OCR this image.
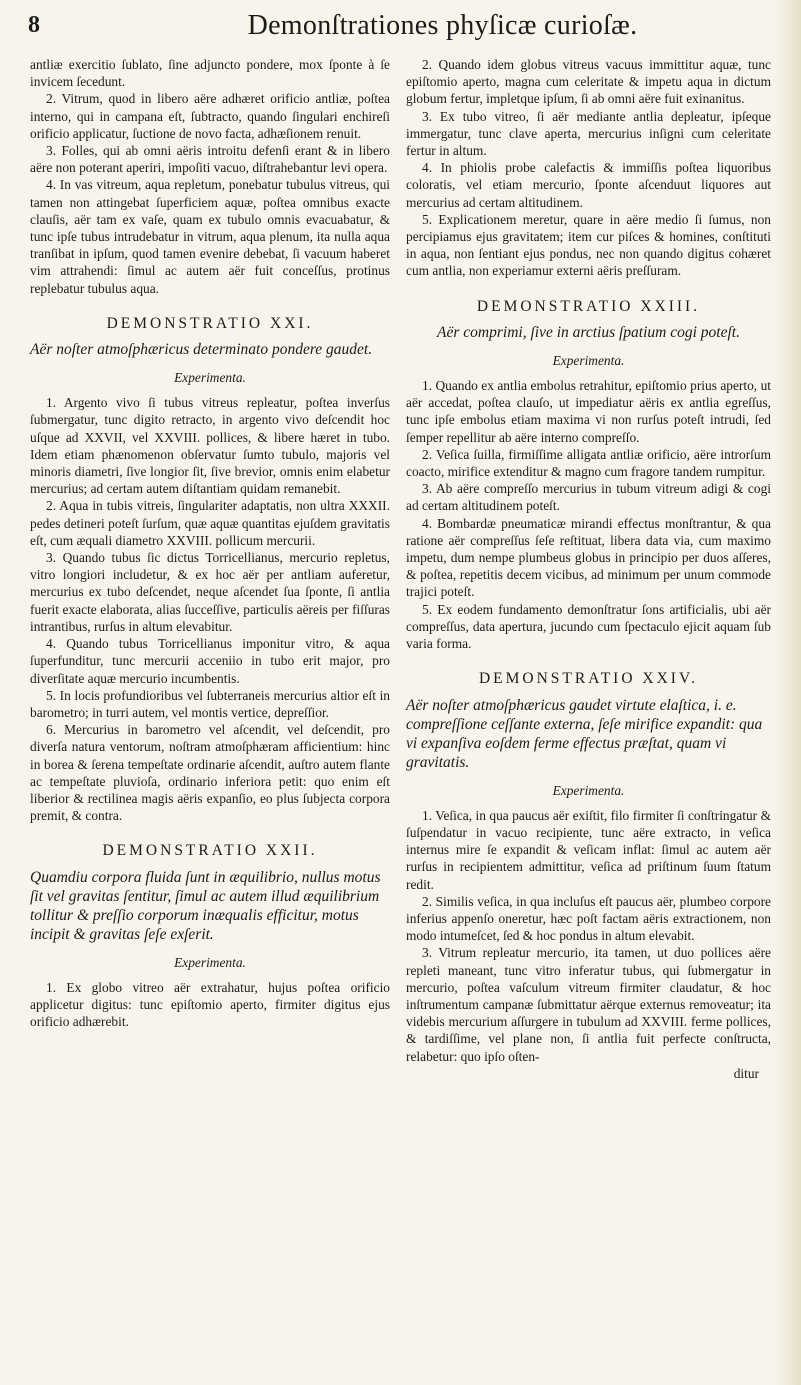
8	Demonſtrationes phyſicæ curioſæ.

antliæ exercitio ſublato, ſine adjunctо pondere, mox ſponte à ſe invicem ſecedunt.

2. Vitrum, quod in libero aëre adhæret orificio antliæ, poſtea interno, qui in campana eſt, ſubtracto, quando ſingulari enchireſi orificio applicatur, ſuctione de novo facta, adhæſionem renuit.

3. Folles, qui ab omni aëris introitu defenſi erant & in libero aëre non poterant aperiri, impoſiti vacuo, diſtrahebantur levi opera.

4. In vas vitreum, aqua repletum, ponebatur tubulus vitreus, qui tamen non attingebat ſuperficiem aquæ, poſtea omnibus exacte clauſis, aër tam ex vaſe, quam ex tubulo omnis evacuabatur, & tunc ipſe tubus intrudebatur in vitrum, aqua plenum, ita nulla aqua tranſibat in ipſum, quod tamen evenire debebat, ſi vacuum haberet vim attrahendi: ſimul ac autem aër fuit conceſſus, protinus replebatur tubulus aqua.

DEMONSTRATIO XXI.
Aër noſter atmoſphæricus determinato pondere gaudet.
Experimenta.

1. Argento vivo ſi tubus vitreus repleatur, poſtea inverſus ſubmergatur, tunc digito retracto, in argento vivo deſcendit hoc uſque ad XXVII, vel XXVIII. pollices, & libere hæret in tubo. Idem etiam phænomenon obſervatur ſumto tubulo, majoris vel minoris diametri, ſive longior ſit, ſive brevior, omnis enim elabetur mercurius; ad certam autem diſtantiam quidam remanebit.

2. Aqua in tubis vitreis, ſingulariter adaptatis, non ultra XXXII. pedes detineri poteſt ſurſum, quæ aquæ quantitas ejuſdem gravitatis eſt, cum æquali diametro XXVIII. pollicum mercurii.

3. Quando tubus ſic dictus Torricellianus, mercurio repletus, vitro longiori includetur, & ex hoc aër per antliam auferetur, mercurius ex tubo deſcendet, neque aſcendet ſua ſponte, ſi antlia fuerit exacte elaborata, alias ſucceſſive, particulis aëreis per fiſſuras intrantibus, rurſus in altum elevabitur.

4. Quando tubus Torricellianus imponitur vitro, & aqua ſuperfunditur, tunc mercurii acceniio in tubo erit major, pro diverſitate aquæ mercurio incumbentis.

5. In locis profundioribus vel ſubterraneis mercurius altior eſt in barometro; in turri autem, vel montis vertice, depreſſior.

6. Mercurius in barometro vel aſcendit, vel deſcendit, pro diverſa natura ventorum, noſtram atmoſphæram afficientium: hinc in borea & ſerena tempeſtate ordinarie aſcendit, auſtro autem flante ac tempeſtate pluvioſa, ordinario inferiora petit: quo enim eſt liberior & rectilinea magis aëris expanſio, eo plus ſubjecta corpora premit, & contra.

DEMONSTRATIO XXII.
Quamdiu corpora fluida ſunt in æquilibrio, nullus motus ſit vel gravitas ſentitur, ſimul ac autem illud æquilibrium tollitur & preſſio corporum inæqualis efficitur, motus incipit & gravitas ſeſe exſerit.
Experimenta.

1. Ex globo vitreo aër extrahatur, hujus poſtea orificio applicetur digitus: tunc epiſtomio aperto, firmiter digitus ejus orificio adhærebit.

2. Quando idem globus vitreus vacuus immittitur aquæ, tunc epiſtomio aperto, magna cum celeritate & impetu aqua in dictum globum fertur, impletque ipſum, ſi ab omni aëre fuit exinanitus.

3. Ex tubo vitreo, ſi aër mediante antlia depleatur, ipſeque immergatur, tunc clave aperta, mercurius inſigni cum celeritate fertur in altum.

4. In phiolis probe calefactis & immiſſis poſtea liquoribus coloratis, vel etiam mercurio, ſponte aſcenduut liquores aut mercurius ad certam altitudinem.

5. Explicationem meretur, quare in aëre medio ſi ſumus, non percipiamus ejus gravitatem; item cur piſces & homines, conſtituti in aqua, non ſentiant ejus pondus, nec non quando digitus cohæret cum antlia, non experiamur externi aëris preſſuram.

DEMONSTRATIO XXIII.
Aër comprimi, ſive in arctius ſpatium cogi poteſt.
Experimenta.

1. Quando ex antlia embolus retrahitur, epiſtomio prius aperto, ut aër accedat, poſtea clauſo, ut impediatur aëris ex antlia egreſſus, tunc ipſe embolus etiam maxima vi non rurſus poteſt intrudi, ſed ſemper repellitur ab aëre interno compreſſo.

2. Veſica ſuilla, firmiſſime alligata antliæ orificio, aëre introrſum coacto, mirifice extenditur & magno cum fragore tandem rumpitur.

3. Ab aëre compreſſo mercurius in tubum vitreum adigi & cogi ad certam altitudinem poteſt.

4. Bombardæ pneumaticæ mirandi effectus monſtrantur, & qua ratione aër compreſſus ſeſe reſtituat, libera data via, cum maximo impetu, dum nempe plumbeus globus in principio per duos aſſeres, & poſtea, repetitis decem vicibus, ad minimum per unum commode trajici poteſt.

5. Ex eodem fundamento demonſtratur ſons artificialis, ubi aër compreſſus, data apertura, jucundo cum ſpectaculo ejicit aquam ſub varia forma.

DEMONSTRATIO XXIV.
Aër noſter atmoſphæricus gaudet virtute elaſtica, i. e. compreſſione ceſſante externa, ſeſe mirifice expandit: qua vi expanſiva eoſdem ferme effectus præſtat, quam vi gravitatis.
Experimenta.

1. Veſica, in qua paucus aër exiſtit, filo firmiter ſi conſtringatur & ſuſpendatur in vacuo recipiente, tunc aëre extracto, in veſica internus mire ſe expandit & veſicam inflat: ſimul ac autem aër rurſus in recipientem admittitur, veſica ad priſtinum ſuum ſtatum redit.

2. Similis veſica, in qua incluſus eſt paucus aër, plumbeo corpore inferius appenſo oneretur, hæc poſt factam aëris extractionem, non modo intumeſcet, ſed & hoc pondus in altum elevabit.

3. Vitrum repleatur mercurio, ita tamen, ut duo pollices aëre repleti maneant, tunc vitro inferatur tubus, qui ſubmergatur in mercurio, poſtea vaſculum vitreum firmiter claudatur, & hoc inſtrumentum campanæ ſubmittatur aërque externus removeatur; ita videbis mercurium aſſurgere in tubulum ad XXVIII. ferme pollices, & tardiſſime, vel plane non, ſi antlia fuit perfecte conſtructa, relabetur: quo ipſo oſten-

ditur
